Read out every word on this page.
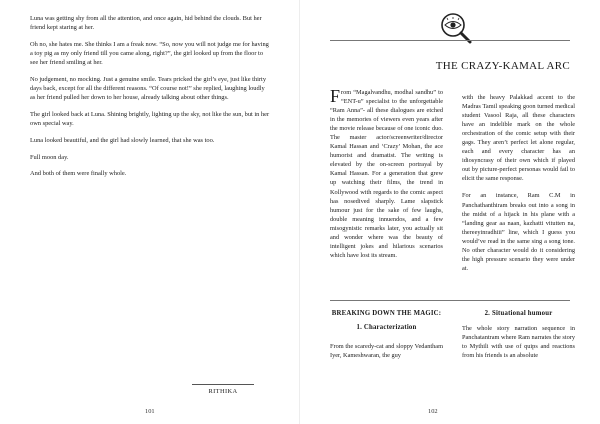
Luna was getting shy from all the attention, and once again, hid behind the clouds. But her friend kept staring at her.

Oh no, she hates me. She thinks I am a freak now. “So, now you will not judge me for having a toy pig as my only friend till you came along, right?”, the girl looked up from the floor to see her friend smiling at her.

No judgement, no mocking. Just a genuine smile. Tears pricked the girl’s eye, just like thirty days back, except for all the different reasons. “Of course not!” she replied, laughing loudly as her friend pulled her down to her house, already talking about other things.

The girl looked back at Luna. Shining brightly, lighting up the sky, not like the sun, but in her own special way.

Luna looked beautiful, and the girl had slowly learned, that she was too.

Full moon day.

And both of them were finally whole.

RITHIKA
101
THE CRAZY-KAMAL ARC
From “Magalvandhu, modhal sandhu” to “ENT-u” specialist to the unforgettable “Ram Anna”- all these dialogues are etched in the memories of viewers even years after the movie release because of one iconic duo. The master actor/screenwriter/director Kamal Hassan and ‘Crazy’ Mohan, the ace humorist and dramatist. The writing is elevated by the on-screen portrayal by Kamal Hassan. For a generation that grew up watching their films, the trend in Kollywood with regards to the comic aspect has nosedived sharply. Lame slapstick humour just for the sake of few laughs, double meaning innuendos, and a few misogynistic remarks later, you actually sit and wonder where was the beauty of intelligent jokes and hilarious scenarios which have lost its stream.

with the heavy Palakkad accent to the Madras Tamil speaking goon turned medical student Vasool Raja, all these characters have an indelible mark on the whole orchestration of the comic setup with their gags. They aren’t perfect let alone regular, each and every character has an idiosyncrasy of their own which if played out by picture-perfect personas would fail to elicit the same response.

For an instance, Ram C.M in Panchathanthiram breaks out into a song in the midst of a hijack in his plane with a “landing gear aa naan, kazhatti vitutten na, thereeyinradhiii” line, which I guess you would’ve read in the same sing a song tone. No other character would do it considering the high pressure scenario they were under at.

BREAKING DOWN THE MAGIC:
1. Characterization
From the scaredy-cat and sloppy Vedantham Iyer, Kameshwaran, the guy
2. Situational humour
The whole story narration sequence in Panchatantram where Ram narrates the story to Mythili with use of quips and reactions from his friends is an absolute
102
